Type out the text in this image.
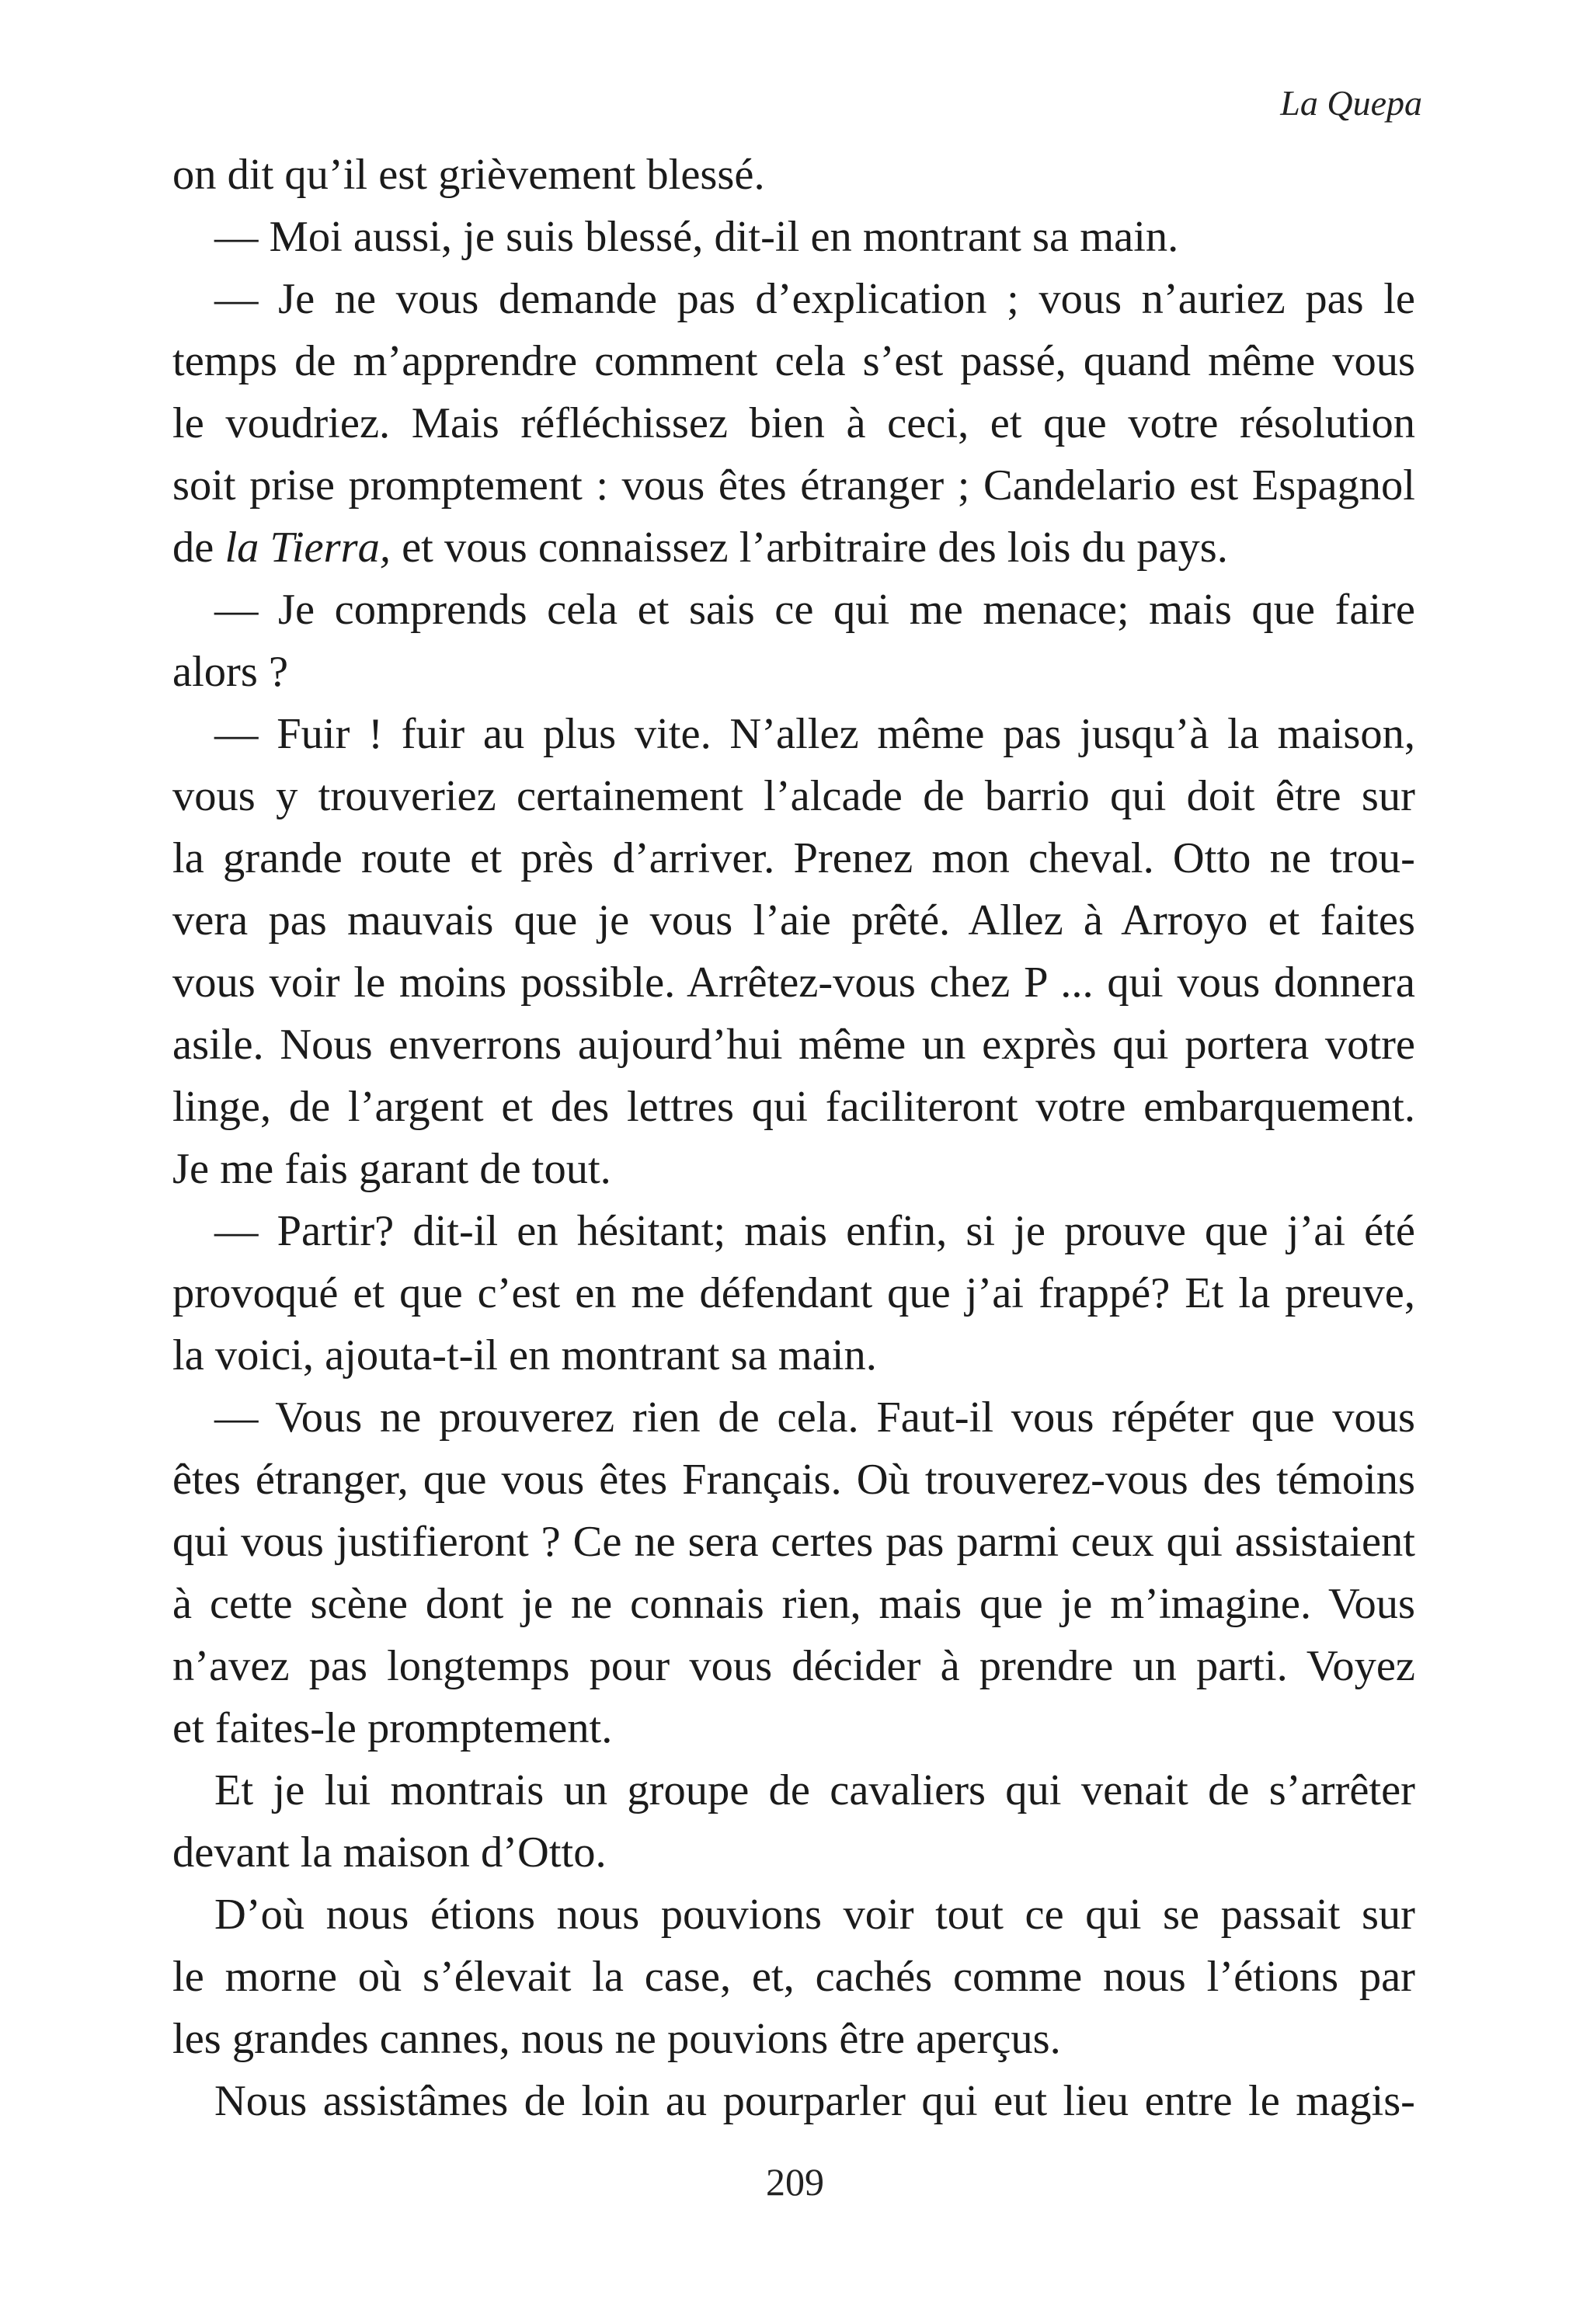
La Quepa
on dit qu’il est grièvement blessé.
— Moi aussi, je suis blessé, dit-il en montrant sa main.
— Je ne vous demande pas d’explication ; vous n’auriez pas le
temps de m’apprendre comment cela s’est passé, quand même vous
le voudriez. Mais réfléchissez bien à ceci, et que votre résolution
soit prise promptement : vous êtes étranger ; Candelario est Espagnol
de la Tierra, et vous connaissez l’arbitraire des lois du pays.
— Je comprends cela et sais ce qui me menace; mais que faire
alors ?
— Fuir ! fuir au plus vite. N’allez même pas jusqu’à la maison,
vous y trouveriez certainement l’alcade de barrio qui doit être sur
la grande route et près d’arriver. Prenez mon cheval. Otto ne trou-
vera pas mauvais que je vous l’aie prêté. Allez à Arroyo et faites
vous voir le moins possible. Arrêtez-vous chez P ... qui vous donnera
asile. Nous enverrons aujourd’hui même un exprès qui portera votre
linge, de l’argent et des lettres qui faciliteront votre embarquement.
Je me fais garant de tout.
— Partir? dit-il en hésitant; mais enfin, si je prouve que j’ai été
provoqué et que c’est en me défendant que j’ai frappé? Et la preuve,
la voici, ajouta-t-il en montrant sa main.
— Vous ne prouverez rien de cela. Faut-il vous répéter que vous
êtes étranger, que vous êtes Français. Où trouverez-vous des témoins
qui vous justifieront ? Ce ne sera certes pas parmi ceux qui assistaient
à cette scène dont je ne connais rien, mais que je m’imagine. Vous
n’avez pas longtemps pour vous décider à prendre un parti. Voyez
et faites-le promptement.
Et je lui montrais un groupe de cavaliers qui venait de s’arrêter
devant la maison d’Otto.
D’où nous étions nous pouvions voir tout ce qui se passait sur
le morne où s’élevait la case, et, cachés comme nous l’étions par
les grandes cannes, nous ne pouvions être aperçus.
Nous assistâmes de loin au pourparler qui eut lieu entre le magis-
209
